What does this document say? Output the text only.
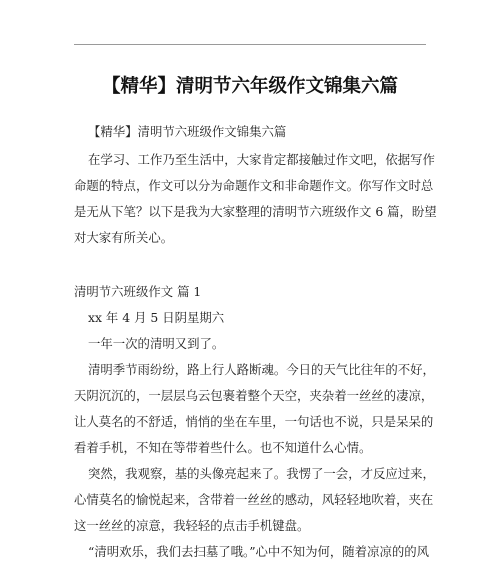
【精华】清明节六年级作文锦集六篇
【精华】清明节六班级作文锦集六篇
在学习、工作乃至生活中，大家肯定都接触过作文吧，依据写作
命题的特点，作文可以分为命题作文和非命题作文。你写作文时总
是无从下笔？以下是我为大家整理的清明节六班级作文 6 篇，盼望
对大家有所关心。
清明节六班级作文 篇 1
xx 年 4 月 5 日阴星期六
一年一次的清明又到了。
清明季节雨纷纷，路上行人路断魂。今日的天气比往年的不好，
天阴沉沉的，一层层乌云包裹着整个天空，夹杂着一丝丝的凄凉，
让人莫名的不舒适，悄悄的坐在车里，一句话也不说，只是呆呆的
看着手机，不知在等带着些什么。也不知道什么心情。
突然，我观察，基的头像亮起来了。我愣了一会，才反应过来，
心情莫名的愉悦起来，含带着一丝丝的感动，风轻轻地吹着，夹在
这一丝丝的凉意，我轻轻的点击手机键盘。
“清明欢乐，我们去扫墓了哦。”心中不知为何，随着凉凉的的风
